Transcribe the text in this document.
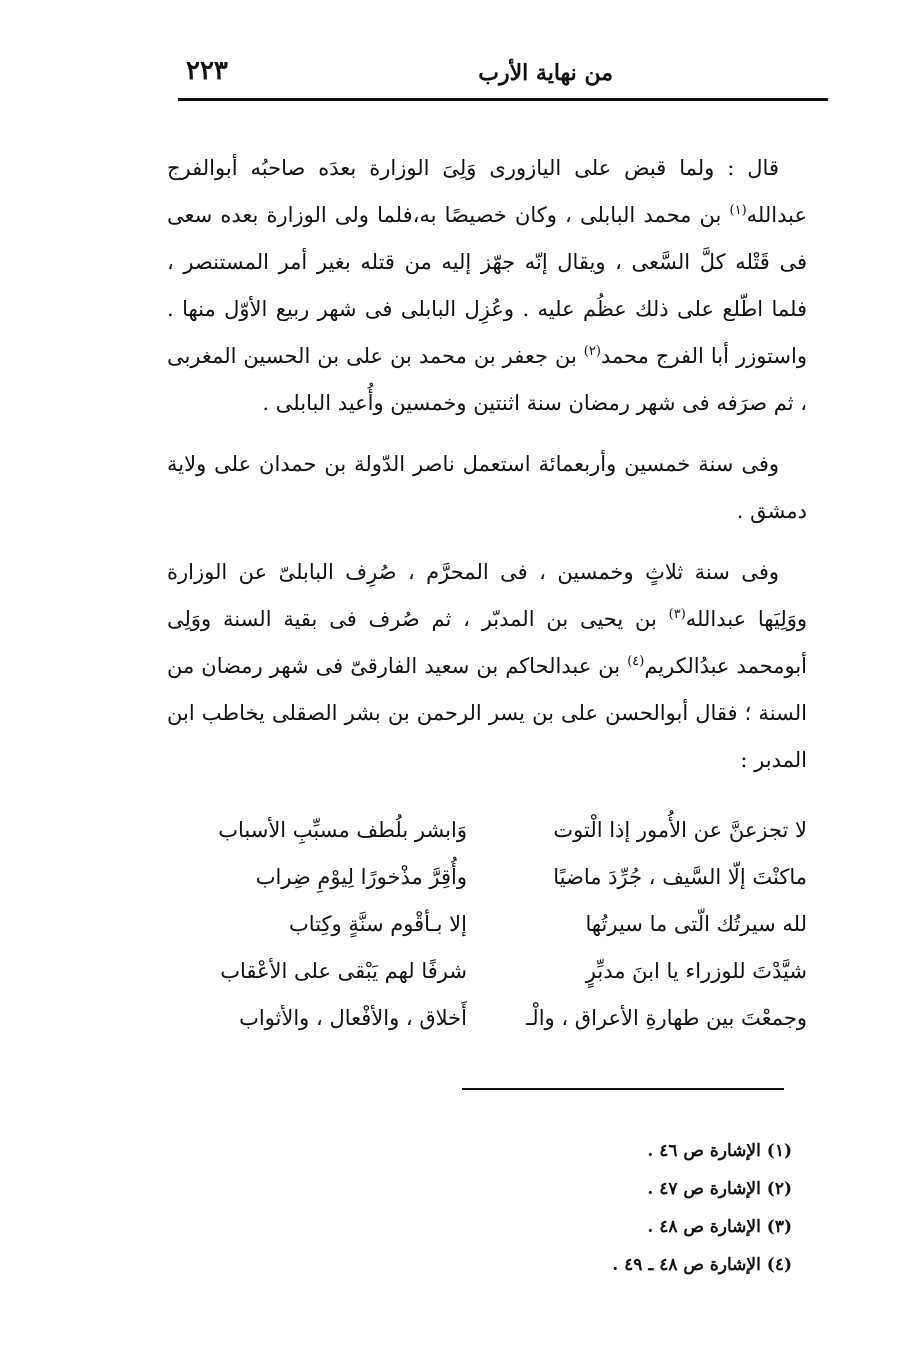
من نهاية الأرب
٢٢٣

قال : ولما قبض على اليازورى وَلِىَ الوزارة بعدَه صاحبُه أبوالفرج عبدالله$^{(١)}$ بن محمد البابلى ، وكان خصيصًا به،فلما ولى الوزارة بعده سعى فى قَتْله كلَّ السَّعى ، ويقال إنّه جهّز إليه من قتله بغير أمر المستنصر ، فلما اطّلع على ذلك عظُم عليه . وعُزِل البابلى فى شهر ربيع الأوّل منها . واستوزر أبا الفرج محمد$^{(٢)}$ بن جعفر بن محمد بن على بن الحسين المغربى ، ثم صرَفه فى شهر رمضان سنة اثنتين وخمسين وأُعيد البابلى .

وفى سنة خمسين وأربعمائة استعمل ناصر الدّولة بن حمدان على ولاية دمشق .

وفى سنة ثلاثٍ وخمسين ، فى المحرَّم ، صُرِف البابلىّ عن الوزارة ووَلِيَها عبدالله$^{(٣)}$ بن يحيى بن المدبّر ، ثم صُرف فى بقية السنة ووَلِى أبومحمد عبدُالكريم$^{(٤)}$ بن عبدالحاكم بن سعيد الفارقىّ فى شهر رمضان من السنة ؛ فقال أبوالحسن على بن يسر الرحمن بن بشر الصقلى يخاطب ابن المدبر :

لا تجزعنَّ عن الأُمور إذا الْتوت
وَابشر بلُطف مسبِّبِ الأسباب
ماكنْتَ إلّا السَّيف ، جُرِّدَ ماضيًا
وأُقِرَّ مذْخورًا لِيوْمِ ضِراب
لله سيرتُك الّتى ما سيرتُها
إلا بـأقْوم سنَّةٍ وكِتاب
شيَّدْتَ للوزراء يا ابنَ مدبِّرٍ
شرفًا لهم يَبْقى على الأعْقاب
وجمعْتَ بين طهارةِ الأعراق ، والْـ
أَخلاق ، والأفْعال ، والأثواب
(١) الإشارة ص ٤٦ .
(٢) الإشارة ص ٤٧ .
(٣) الإشارة ص ٤٨ .
(٤) الإشارة ص ٤٨ ـ ٤٩ .
